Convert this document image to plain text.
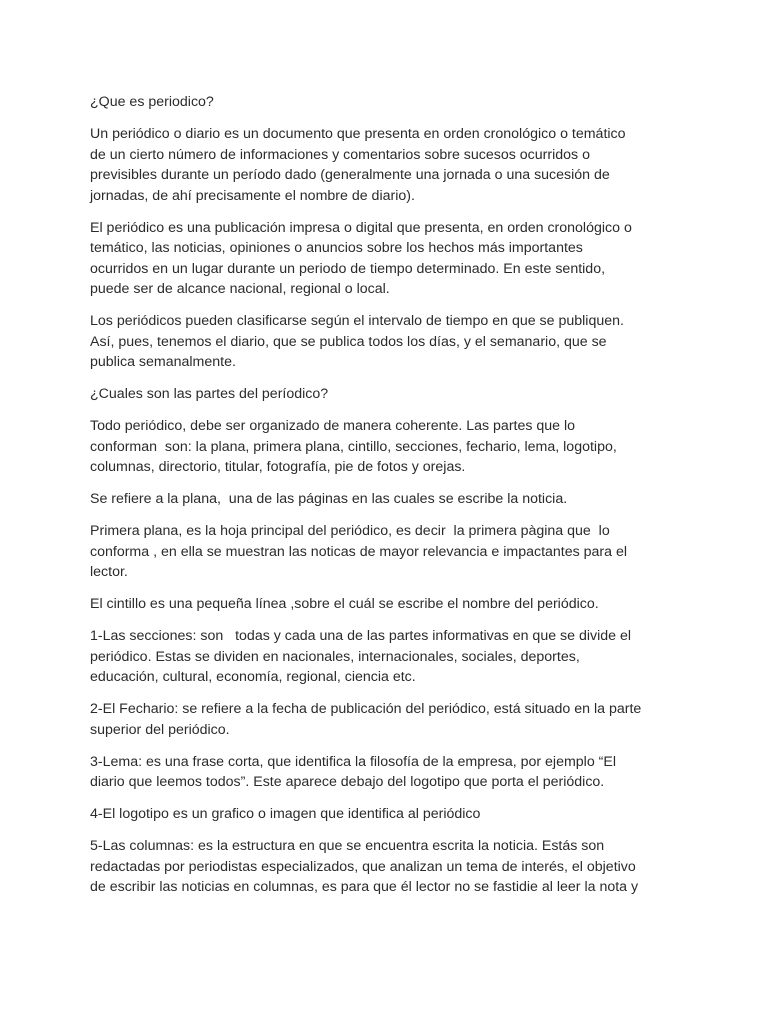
¿Que es periodico?

Un periódico o diario es un documento que presenta en orden cronológico o temático
de un cierto número de informaciones y comentarios sobre sucesos ocurridos o
previsibles durante un período dado (generalmente una jornada o una sucesión de
jornadas, de ahí precisamente el nombre de diario).

El periódico es una publicación impresa o digital que presenta, en orden cronológico o
temático, las noticias, opiniones o anuncios sobre los hechos más importantes
ocurridos en un lugar durante un periodo de tiempo determinado. En este sentido,
puede ser de alcance nacional, regional o local.

Los periódicos pueden clasificarse según el intervalo de tiempo en que se publiquen.
Así, pues, tenemos el diario, que se publica todos los días, y el semanario, que se
publica semanalmente.

¿Cuales son las partes del períodico?

Todo periódico, debe ser organizado de manera coherente. Las partes que lo
conforman  son: la plana, primera plana, cintillo, secciones, fechario, lema, logotipo,
columnas, directorio, titular, fotografía, pie de fotos y orejas.

Se refiere a la plana,  una de las páginas en las cuales se escribe la noticia.

Primera plana, es la hoja principal del periódico, es decir  la primera pàgina que  lo
conforma , en ella se muestran las noticas de mayor relevancia e impactantes para el
lector.

El cintillo es una pequeña línea ,sobre el cuál se escribe el nombre del periódico.

1-Las secciones: son   todas y cada una de las partes informativas en que se divide el
periódico. Estas se dividen en nacionales, internacionales, sociales, deportes,
educación, cultural, economía, regional, ciencia etc.

2-El Fechario: se refiere a la fecha de publicación del periódico, está situado en la parte
superior del periódico.

3-Lema: es una frase corta, que identifica la filosofía de la empresa, por ejemplo “El
diario que leemos todos”. Este aparece debajo del logotipo que porta el periódico.

4-El logotipo es un grafico o imagen que identifica al periódico

5-Las columnas: es la estructura en que se encuentra escrita la noticia. Estás son
redactadas por periodistas especializados, que analizan un tema de interés, el objetivo
de escribir las noticias en columnas, es para que él lector no se fastidie al leer la nota y
